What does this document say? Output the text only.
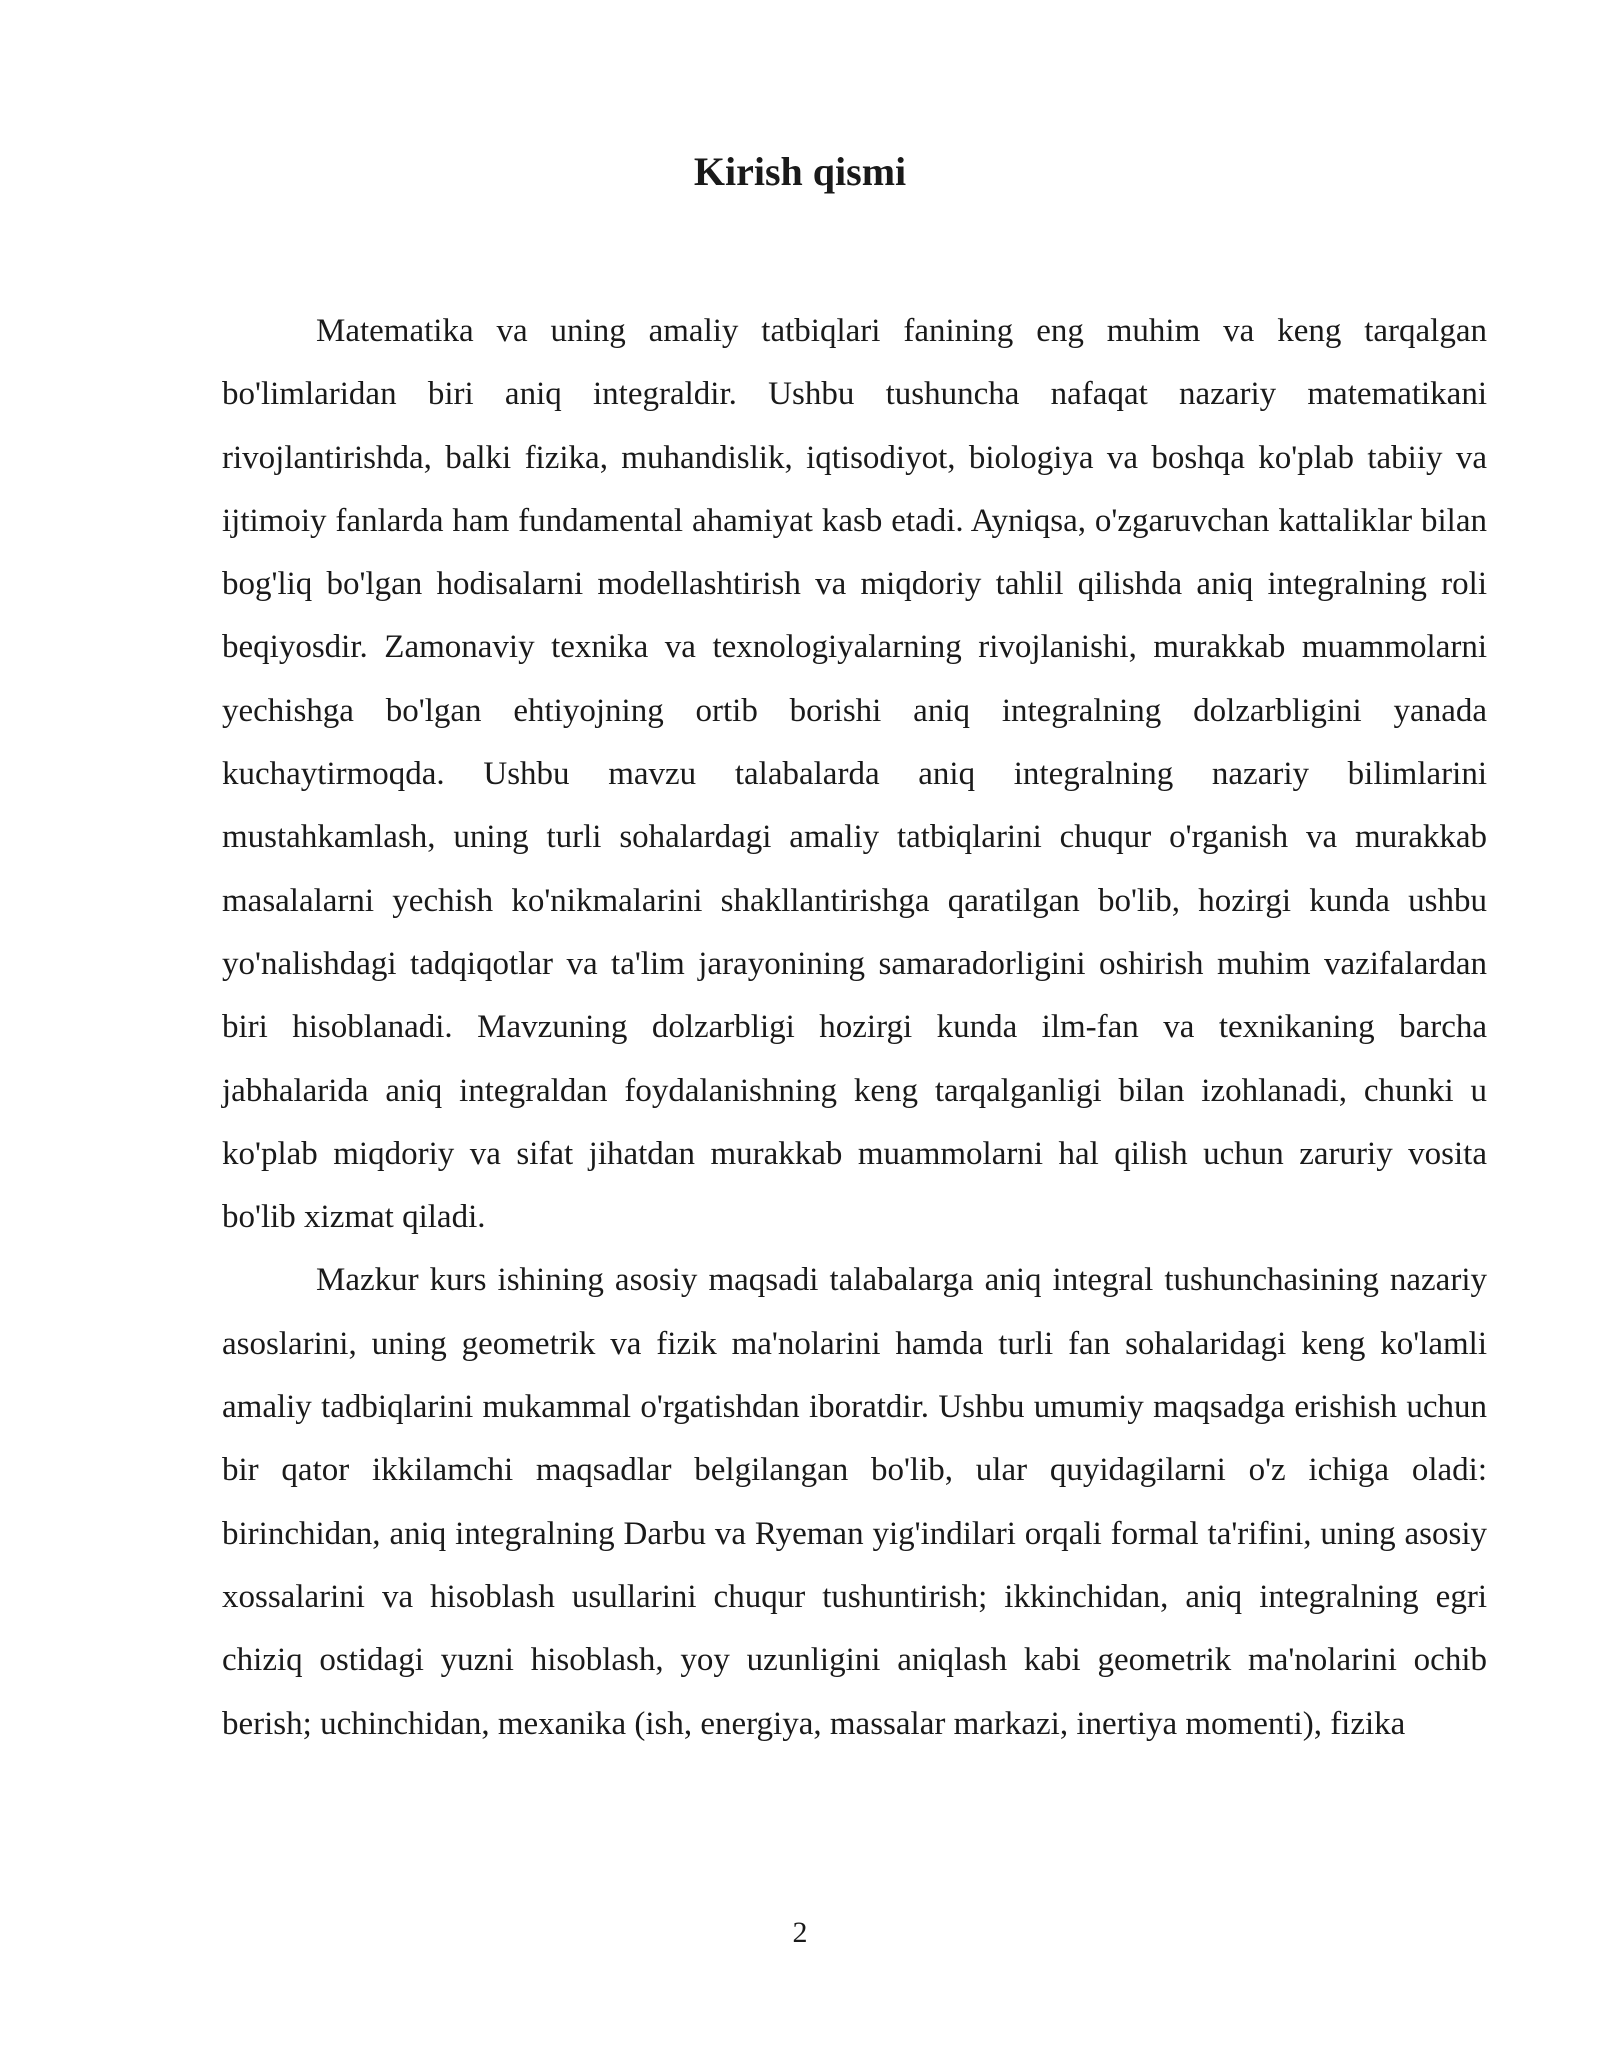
Kirish qismi

Matematika va uning amaliy tatbiqlari fanining eng muhim va keng tarqalgan bo'limlaridan biri aniq integraldir. Ushbu tushuncha nafaqat nazariy matematikani rivojlantirishda, balki fizika, muhandislik, iqtisodiyot, biologiya va boshqa ko'plab tabiiy va ijtimoiy fanlarda ham fundamental ahamiyat kasb etadi. Ayniqsa, o'zgaruvchan kattaliklar bilan bog'liq bo'lgan hodisalarni modellashtirish va miqdoriy tahlil qilishda aniq integralning roli beqiyosdir. Zamonaviy texnika va texnologiyalarning rivojlanishi, murakkab muammolarni yechishga bo'lgan ehtiyojning ortib borishi aniq integralning dolzarbligini yanada kuchaytirmoqda. Ushbu mavzu talabalarda aniq integralning nazariy bilimlarini mustahkamlash, uning turli sohalardagi amaliy tatbiqlarini chuqur o'rganish va murakkab masalalarni yechish ko'nikmalarini shakllantirishga qaratilgan bo'lib, hozirgi kunda ushbu yo'nalishdagi tadqiqotlar va ta'lim jarayonining samaradorligini oshirish muhim vazifalardan biri hisoblanadi. Mavzuning dolzarbligi hozirgi kunda ilm-fan va texnikaning barcha jabhalarida aniq integraldan foydalanishning keng tarqalganligi bilan izohlanadi, chunki u ko'plab miqdoriy va sifat jihatdan murakkab muammolarni hal qilish uchun zaruriy vosita bo'lib xizmat qiladi.

Mazkur kurs ishining asosiy maqsadi talabalarga aniq integral tushunchasining nazariy asoslarini, uning geometrik va fizik ma'nolarini hamda turli fan sohalaridagi keng ko'lamli amaliy tadbiqlarini mukammal o'rgatishdan iboratdir. Ushbu umumiy maqsadga erishish uchun bir qator ikkilamchi maqsadlar belgilangan bo'lib, ular quyidagilarni o'z ichiga oladi: birinchidan, aniq integralning Darbu va Ryeman yig'indilari orqali formal ta'rifini, uning asosiy xossalarini va hisoblash usullarini chuqur tushuntirish; ikkinchidan, aniq integralning egri chiziq ostidagi yuzni hisoblash, yoy uzunligini aniqlash kabi geometrik ma'nolarini ochib berish; uchinchidan, mexanika (ish, energiya, massalar markazi, inertiya momenti), fizika

2
